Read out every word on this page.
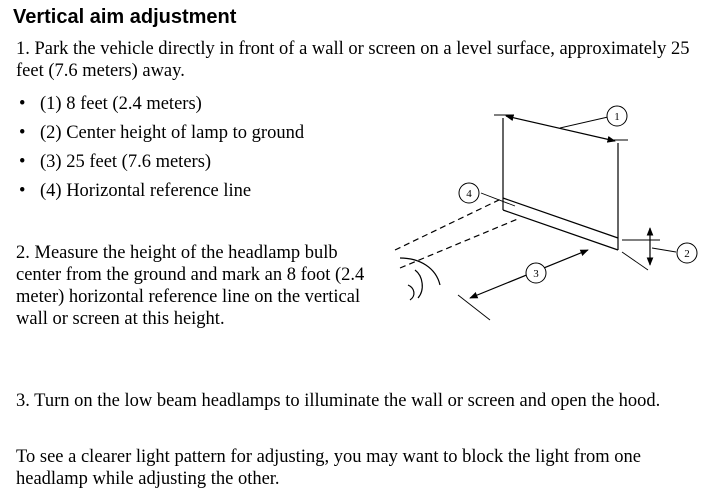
Vertical aim adjustment

1. Park the vehicle directly in front of a wall or screen on a level surface, approximately 25 feet (7.6 meters) away.

• (1) 8 feet (2.4 meters)
• (2) Center height of lamp to ground
• (3) 25 feet (7.6 meters)
• (4) Horizontal reference line

2. Measure the height of the headlamp bulb center from the ground and mark an 8 foot (2.4 meter) horizontal reference line on the vertical wall or screen at this height.

1
2
3
4

3. Turn on the low beam headlamps to illuminate the wall or screen and open the hood.

To see a clearer light pattern for adjusting, you may want to block the light from one headlamp while adjusting the other.
